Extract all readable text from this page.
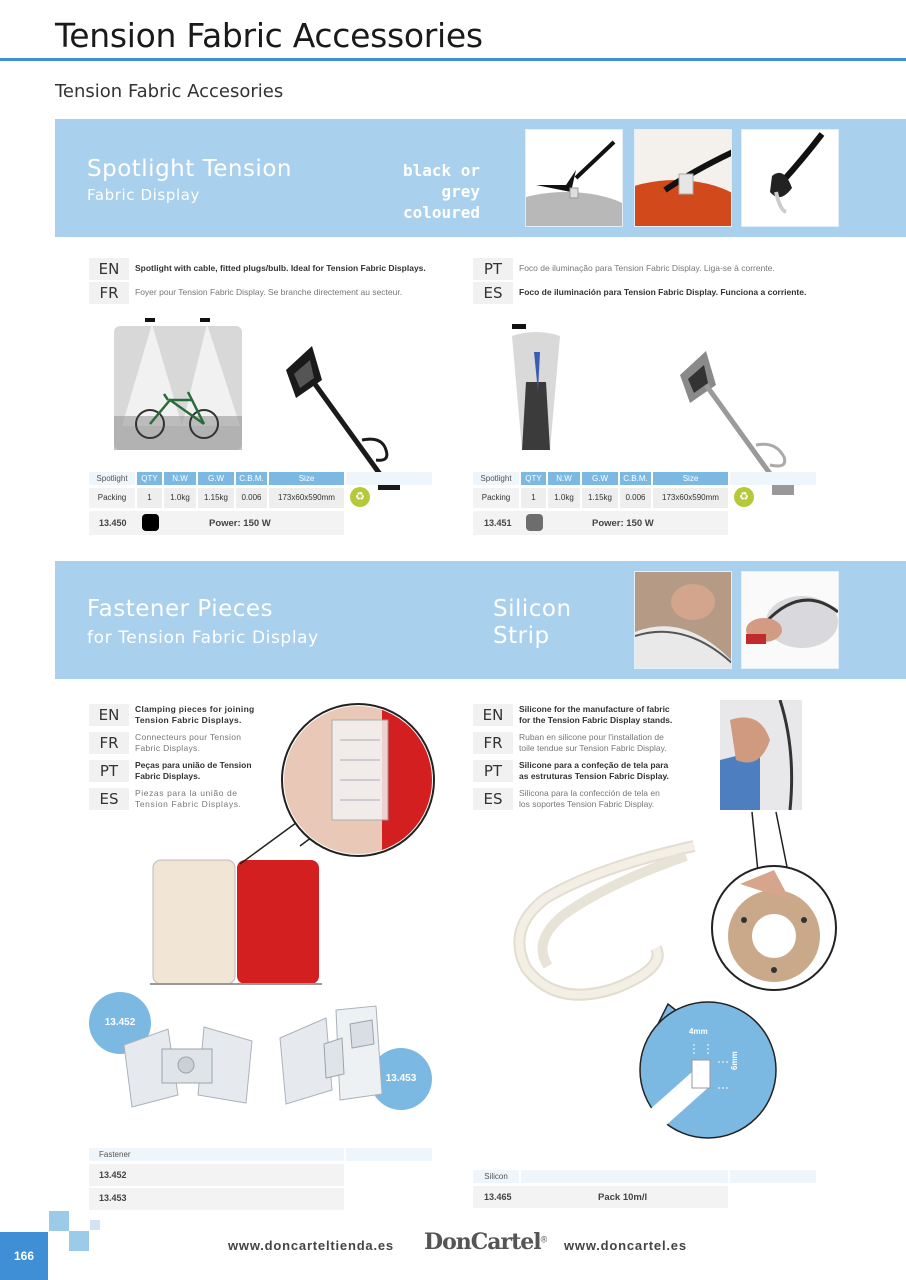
Tension Fabric Accessories
Tension Fabric Accesories
Spotlight Tension
Fabric Display
black or grey
coloured
EN	Spotlight with cable, fitted plugs/bulb. Ideal for Tension Fabric Displays.
FR	Foyer pour Tension Fabric Display. Se branche directement au secteur.
PT	Foco de iluminação para Tension Fabric Display. Liga-se à corrente.
ES	Foco de iluminación para Tension Fabric Display. Funciona a corriente.
Spotlight	QTY	N.W	G.W	C.B.M.	Size
Packing	1	1.0kg	1.15kg	0.006	173x60x590mm	♻
13.450	Power: 150 W
Spotlight	QTY	N.W	G.W	C.B.M.	Size
Packing	1	1.0kg	1.15kg	0.006	173x60x590mm	♻
13.451	Power: 150 W
Fastener Pieces
for Tension Fabric Display
Silicon
Strip
EN	Clamping pieces for joining
Tension Fabric Displays.
FR	Connecteurs pour Tension
Fabric Displays.
PT	Peças para união de Tension
Fabric Displays.
ES	Piezas para la união de
Tension Fabric Displays.
13.452
13.453
Fastener
13.452
13.453
EN	Silicone for the manufacture of fabric
for the Tension Fabric Display stands.
FR	Ruban en silicone pour l'installation de
toile tendue sur Tension Fabric Display.
PT	Silicone para a confeção de tela para
as estruturas Tension Fabric Display.
ES	Silicona para la confección de tela en
los soportes Tension Fabric Display.
4mm
6mm
Silicon
13.465	Pack 10m/l
166
www.doncarteltienda.es DonCartel® www.doncartel.es
